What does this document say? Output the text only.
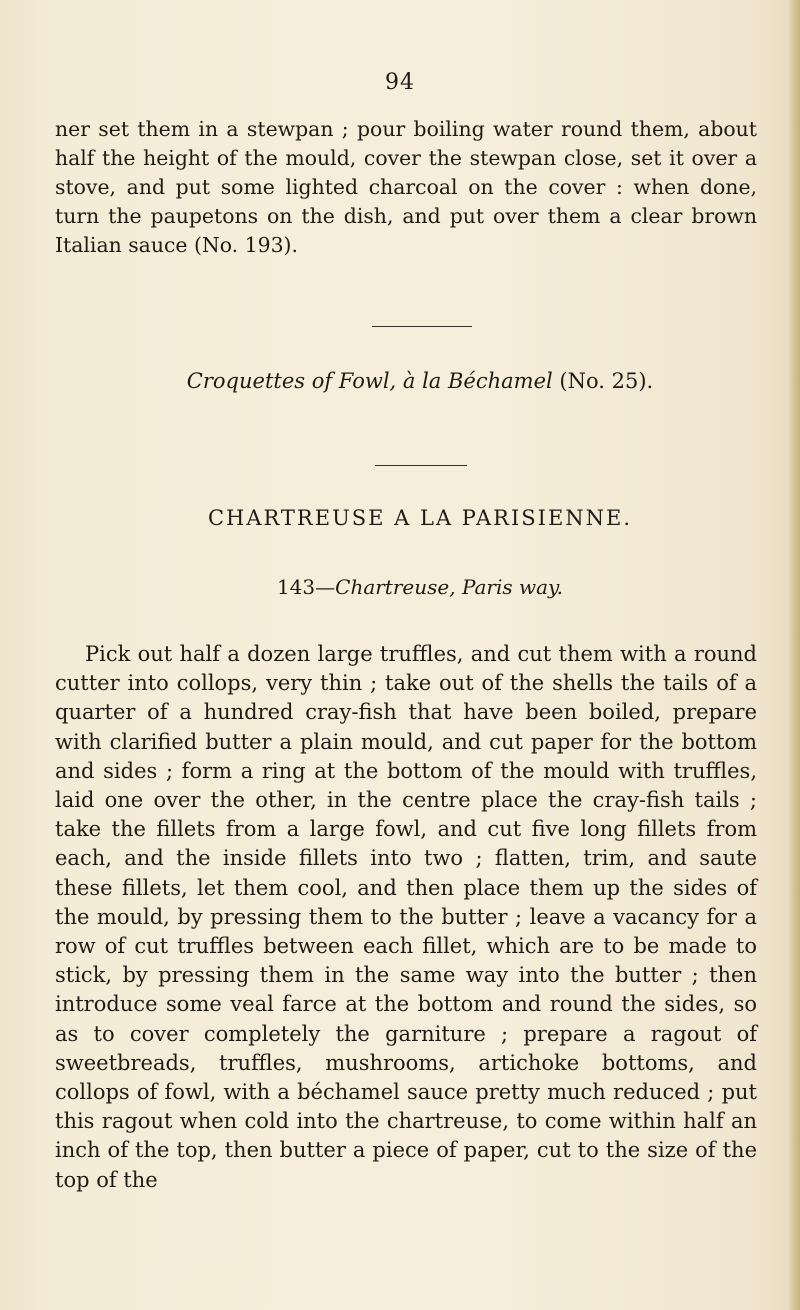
94
ner set them in a stewpan ; pour boiling water round them, about half the height of the mould, cover the stewpan close, set it over a stove, and put some lighted charcoal on the cover : when done, turn the paupetons on the dish, and put over them a clear brown Italian sauce (No. 193).
Croquettes of Fowl, à la Béchamel (No. 25).
CHARTREUSE A LA PARISIENNE.
143—Chartreuse, Paris way.
Pick out half a dozen large truffles, and cut them with a round cutter into collops, very thin ; take out of the shells the tails of a quarter of a hundred cray-fish that have been boiled, prepare with clarified butter a plain mould, and cut paper for the bottom and sides ; form a ring at the bottom of the mould with truffles, laid one over the other, in the centre place the cray-fish tails ; take the fillets from a large fowl, and cut five long fillets from each, and the inside fillets into two ; flatten, trim, and saute these fillets, let them cool, and then place them up the sides of the mould, by pressing them to the butter ; leave a vacancy for a row of cut truffles between each fillet, which are to be made to stick, by pressing them in the same way into the butter ; then introduce some veal farce at the bottom and round the sides, so as to cover completely the garniture ; prepare a ragout of sweetbreads, truffles, mushrooms, artichoke bottoms, and collops of fowl, with a béchamel sauce pretty much reduced ; put this ragout when cold into the chartreuse, to come within half an inch of the top, then butter a piece of paper, cut to the size of the top of the
